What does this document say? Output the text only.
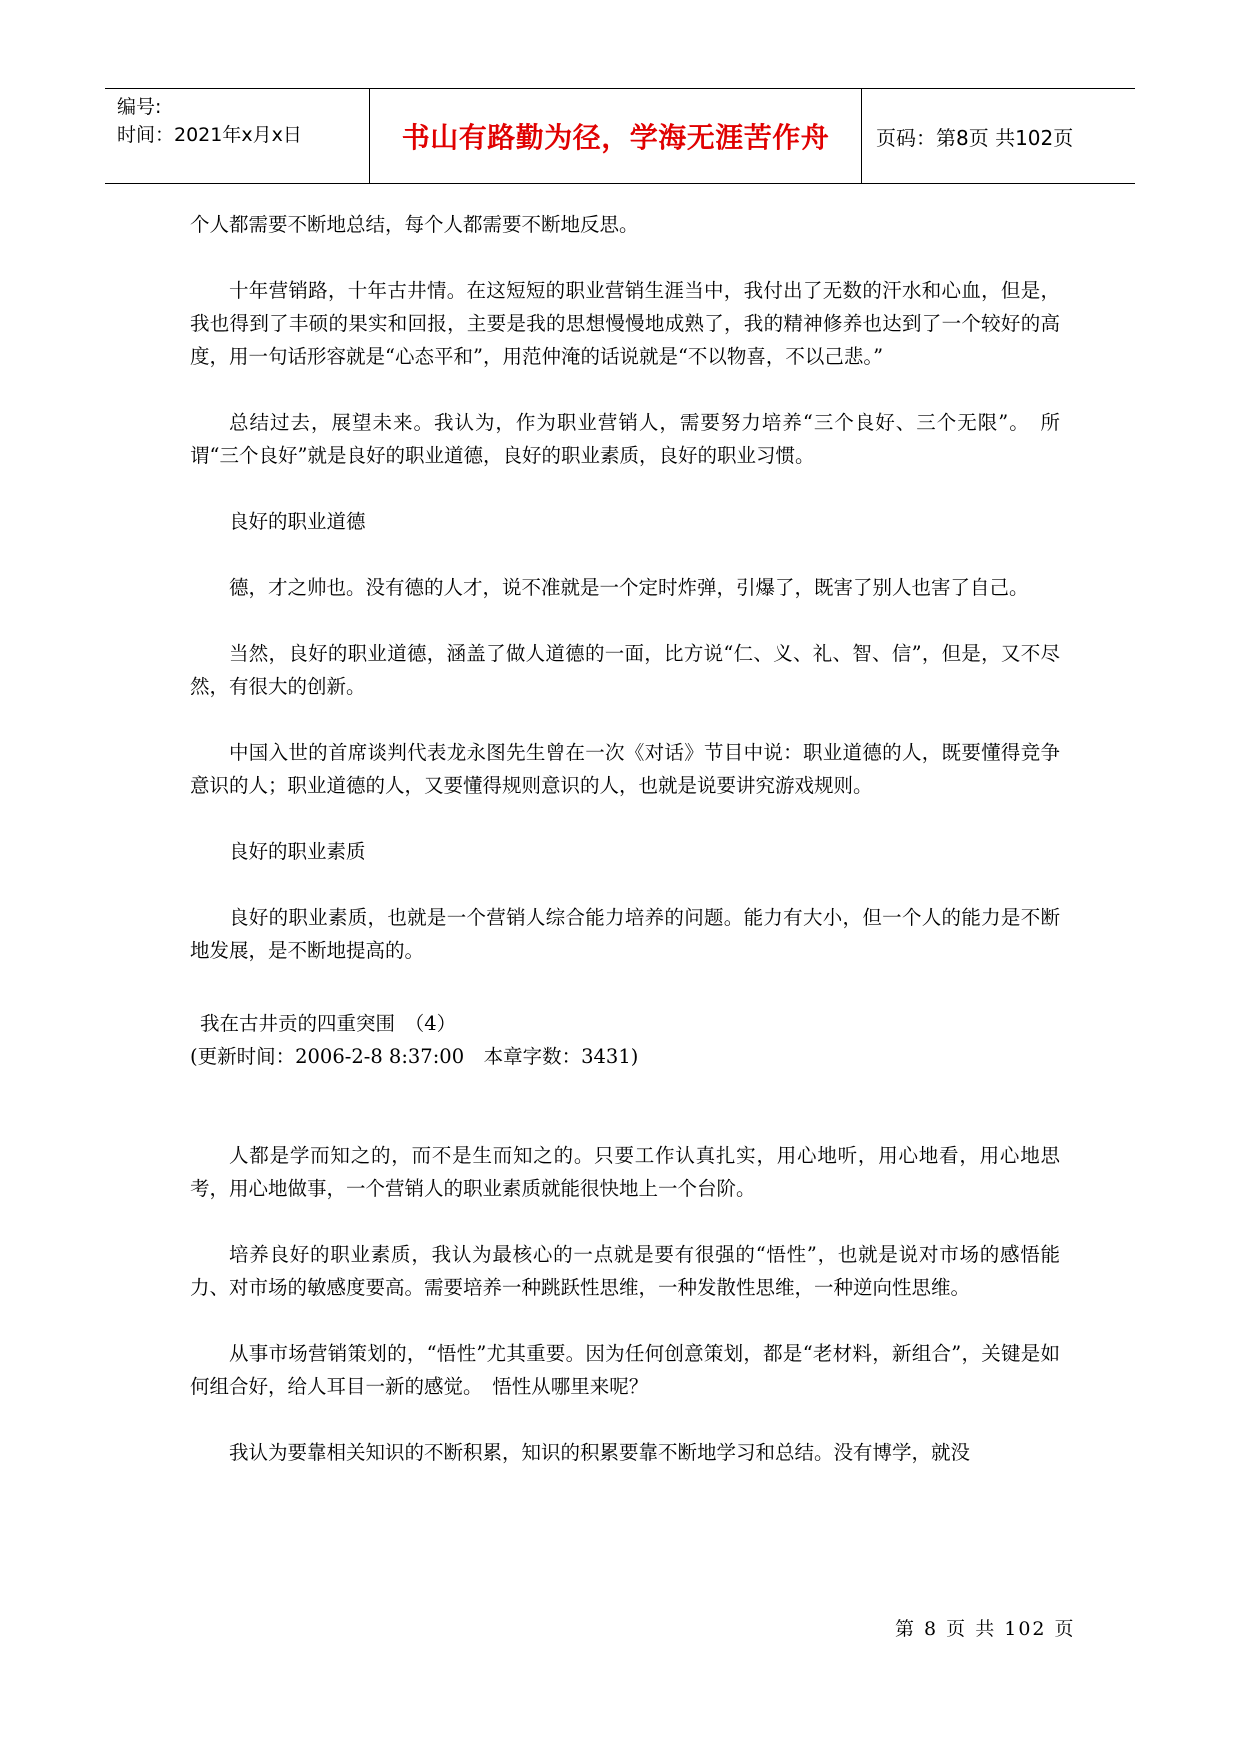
编号:
时间：2021年x月x日	书山有路勤为径，学海无涯苦作舟	页码：第8页 共102页

个人都需要不断地总结，每个人都需要不断地反思。

十年营销路，十年古井情。在这短短的职业营销生涯当中，我付出了无数的汗水和心血，但是，我也得到了丰硕的果实和回报，主要是我的思想慢慢地成熟了，我的精神修养也达到了一个较好的高度，用一句话形容就是“心态平和”，用范仲淹的话说就是“不以物喜，不以己悲。”

总结过去，展望未来。我认为，作为职业营销人，需要努力培养“三个良好、三个无限”。　所谓“三个良好”就是良好的职业道德，良好的职业素质，良好的职业习惯。

良好的职业道德

德，才之帅也。没有德的人才，说不准就是一个定时炸弹，引爆了，既害了别人也害了自己。

当然，良好的职业道德，涵盖了做人道德的一面，比方说“仁、义、礼、智、信”，但是，又不尽然，有很大的创新。

中国入世的首席谈判代表龙永图先生曾在一次《对话》节目中说：职业道德的人，既要懂得竞争意识的人；职业道德的人，又要懂得规则意识的人，也就是说要讲究游戏规则。

良好的职业素质

良好的职业素质，也就是一个营销人综合能力培养的问题。能力有大小，但一个人的能力是不断地发展，是不断地提高的。

我在古井贡的四重突围　（4）

(更新时间：2006-2-8 8:37:00　本章字数：3431)

人都是学而知之的，而不是生而知之的。只要工作认真扎实，用心地听，用心地看，用心地思考，用心地做事，一个营销人的职业素质就能很快地上一个台阶。

培养良好的职业素质，我认为最核心的一点就是要有很强的“悟性”，也就是说对市场的感悟能力、对市场的敏感度要高。需要培养一种跳跃性思维，一种发散性思维，一种逆向性思维。

从事市场营销策划的，“悟性”尤其重要。因为任何创意策划，都是“老材料，新组合”，关键是如何组合好，给人耳目一新的感觉。　悟性从哪里来呢？

我认为要靠相关知识的不断积累，知识的积累要靠不断地学习和总结。没有博学，就没

第 8 页 共 102 页
